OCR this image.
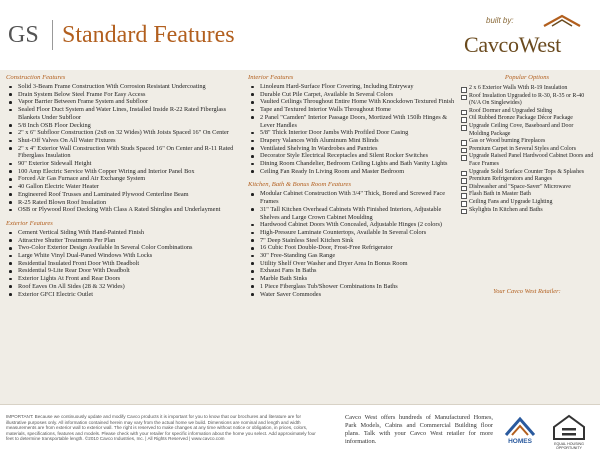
GS Standard Features
built by:
CavcoWest
Construction Features
Solid 3-Beam Frame Construction With Corrosion Resistant Undercoating
Drain System Below Steel Frame For Easy Access
Vapor Barrier Between Frame System and Subfloor
Sealed Floor Duct System and Water Lines, Installed Inside R-22 Rated Fiberglass Blankets Under Subfloor
5/8 Inch OSB Floor Decking
2" x 6" Subfloor Construction (2x8 on 32 Wides) With Joists Spaced 16" On Center
Shut-Off Valves On All Water Fixtures
2" x 4" Exterior Wall Construction With Studs Spaced 16" On Center and R-11 Rated Fiberglass Insulation
90" Exterior Sidewall Height
100 Amp Electric Service With Copper Wiring and Interior Panel Box
Forced Air Gas Furnace and Air Exchange System
40 Gallon Electric Water Heater
Engineered Roof Trusses and Laminated Plywood Centerline Beam
R-25 Rated Blown Roof Insulation
OSB or Plywood Roof Decking With Class A Rated Shingles and Underlayment
Exterior Features
Cement Vertical Siding With Hand-Painted Finish
Attractive Shutter Treatments Per Plan
Two-Color Exterior Design Available In Several Color Combinations
Large White Vinyl Dual-Paned Windows With Locks
Residential Insulated Front Door With Deadbolt
Residential 9-Lite Rear Door With Deadbolt
Exterior Lights At Front and Rear Doors
Roof Eaves On All Sides (28 & 32 Wides)
Exterior GFCI Electric Outlet
Interior Features
Linoleum Hard-Surface Floor Covering, Including Entryway
Durable Cut Pile Carpet, Available In Several Colors
Vaulted Ceilings Throughout Entire Home With Knockdown Textured Finish
Tape and Textured Interior Walls Throughout Home
2 Panel "Camden" Interior Passage Doors, Mortized With 150lb Hinges & Lever Handles
5/8" Thick Interior Door Jambs With Profiled Door Casing
Drapery Valances With Aluminum Mini Blinds
Ventilated Shelving In Wardrobes and Pantries
Decorator Style Electrical Receptacles and Silent Rocker Switches
Dining Room Chandelier, Bedroom Ceiling Lights and Bath Vanity Lights
Ceiling Fan Ready In Living Room and Master Bedroom
Kitchen, Bath & Bonus Room Features
Modular Cabinet Construction With 3/4" Thick, Bored and Screwed Face Frames
31" Tall Kitchen Overhead Cabinets With Finished Interiors, Adjustable Shelves and Large Crown Cabinet Moulding
Hardwood Cabinet Doors With Concealed, Adjustable Hinges (2 colors)
High-Pressure Laminate Countertops, Available In Several Colors
7" Deep Stainless Steel Kitchen Sink
16 Cubic Foot Double-Door, Frost-Free Refrigerator
30" Free-Standing Gas Range
Utility Shelf Over Washer and Dryer Area In Bonus Room
Exhaust Fans In Baths
Marble Bath Sinks
1 Piece Fiberglass Tub/Shower Combinations In Baths
Water Saver Commodes
Popular Options
2 x 6 Exterior Walls With R-19 Insulation
Roof Insulation Upgraded to R-30, R-35 or R-40 (N/A On Singlewides)
Roof Dormer and Upgraded Siding
Oil Rubbed Bronze Package Décor Package
Upgrade Ceiling Cove, Baseboard and Door Molding Package
Gas or Wood burning Fireplaces
Premium Carpet in Several Styles and Colors
Upgrade Raised Panel Hardwood Cabinet Doors and Face Frames
Upgrade Solid Surface Counter Tops & Splashes
Premium Refrigerators and Ranges
Dishwasher and "Space-Saver" Microwave
Flash Bath in Master Bath
Ceiling Fans and Upgrade Lighting
Skylights In Kitchen and Baths
Your Cavco West Retailer:
IMPORTANT: Because we continuously update and modify Cavco products it is important for you to know that our brochures and literature are for illustrative purposes only. All information contained herein may vary from the actual home we build. Dimensions are nominal and length and width measurements are from exterior wall to exterior wall. The right is reserved to make changes at any time without notice or obligation, in prices, colors, materials, specifications, features and models. Please check with your retailer for specific information about the home you select. Add approximately four feet to determine transportable length. ©2010 Cavco Industries, Inc. | All Rights Reserved | www.cavco.com
Cavco West offers hundreds of Manufactured Homes, Park Models, Cabins and Commercial Building floor plans. Talk with your Cavco West retailer for more information.	HOMES	EQUAL HOUSING OPPORTUNITY
